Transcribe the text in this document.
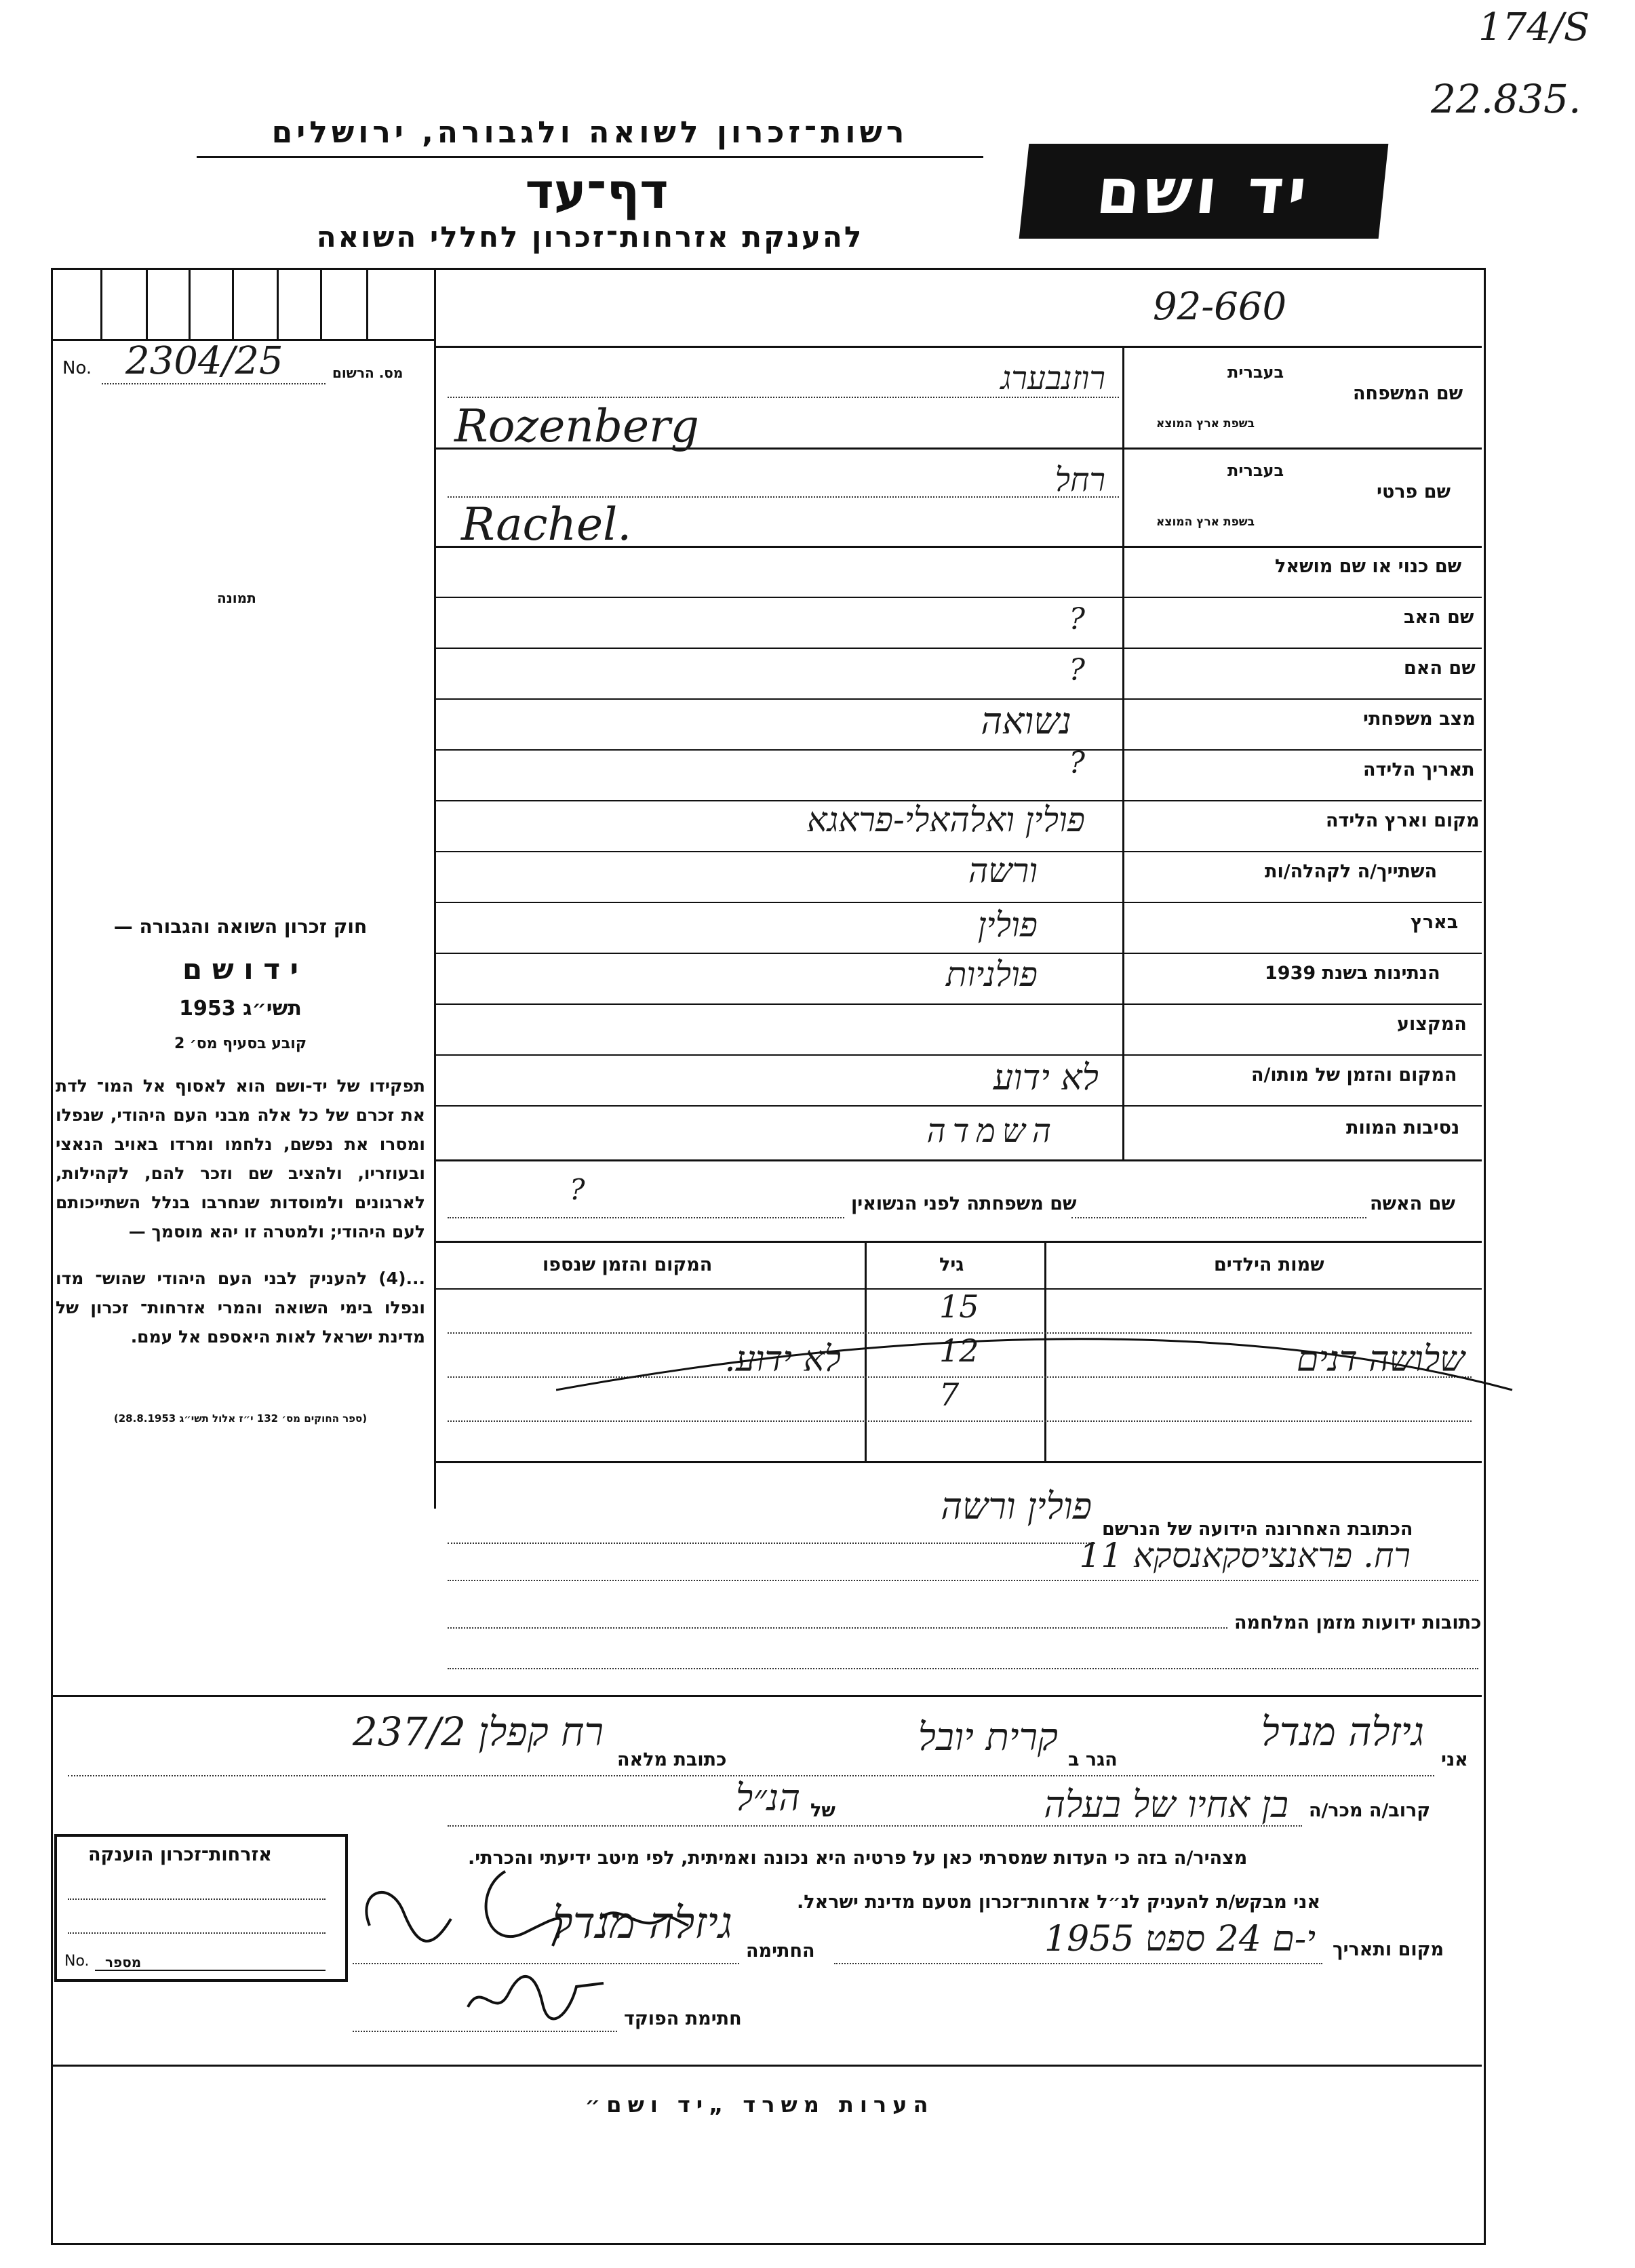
174/S
22.835.
רשות־זכרון לשואה ולגבורה, ירושלים
דף־עד
להענקת אזרחות־זכרון לחללי השואה
יד ושם
No. 2304/25	מס. הרשום
תמונה
חוק זכרון השואה והגבורה —
י ד ו ש ם
תשי״ג 1953
קובע בסעיף מס׳ 2
תפקידו של יד-ושם הוא לאסוף אל המו־ לדת את זכרם של כל אלה מבני העם היהודי, שנפלו ומסרו את נפשם, נלחמו ומרדו באויב הנאצי ובעוזריו, ולהציב שם וזכר להם, לקהילות, לארגונים ולמוסדות שנחרבו בנלל השתייכותם לעם היהודי; ולמטרה זו יהא מוסמך —
...(4) להעניק לבני העם היהודי שהוש־ מדו ונפלו בימי השואה והמרי אזרחות־ זכרון של מדינת ישראל לאות היאספם אל עמם.
(ספר החוקים מס׳ 132 י״ז אלול תשי״ג 28.8.1953)
92-660
שם המשפחה
בעברית
בשפת ארץ המוצא
רוזנבערג
Rozenberg
שם פרטי
בעברית
בשפת ארץ המוצא
רחל
Rachel.
שם כנוי או שם מושאל
שם האב
?
שם האם
?
מצב משפחתי
נשואה
תאריך הלידה
?
מקום וארץ הלידה
פולין ואלהאלי-פראגא
השתייך/ה לקהלה/ות
ורשה
בארץ
פולין
הנתינות בשנת 1939
פולניות
המקצוע
המקום והזמן של מותו/ה
לא ידוע
נסיבות המוות
השמדה
שם האשה
שם משפחתה לפני הנשואין
?
שמות הילדים
גיל
המקום והזמן שנספו
שלושה דנים
15
12
7
לא ידוע.
הכתובת האחרונה הידועה של הנרשם
פולין ורשה
רח. פראנציסקאנסקא 11
כתובות ידועות מזמן המלחמה
אני
גיזלה מנדל
הגר ב
קרית יובל
כתובת מלאה
רח קפלן 237/2
קרוב/ה מכר/ה
בן אחיו של בעלה
של
הנ״ל
מצהיר/ה בזה כי העדות שמסרתי כאן על פרטיה היא נכונה ואמיתית, לפי מיטב ידיעתי והכרתי.
אני מבקש/ת להעניק לנ״ל אזרחות־זכרון מטעם מדינת ישראל.
מקום ותאריך
י-ם 24 ספט 1955
החתימה
גיזלה מנדל
חתימת הפוקד
אזרחות־זכרון הוענקה
No. מספר
הערות משרד „יד ושם״
